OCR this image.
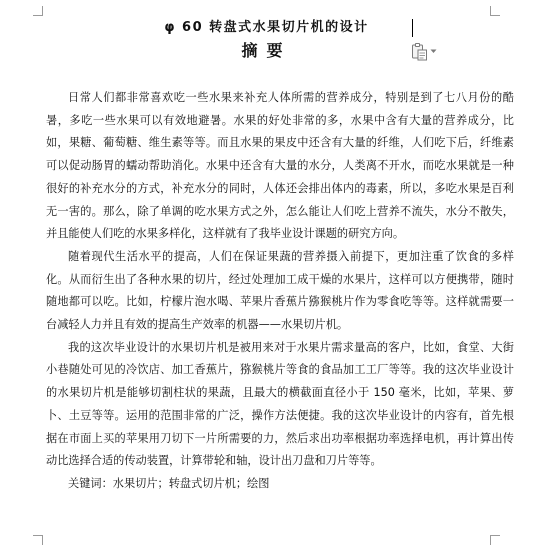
φ 60 转盘式水果切片机的设计
摘要

日常人们都非常喜欢吃一些水果来补充人体所需的营养成分，特别是到了七八月份的酷暑，多吃一些水果可以有效地避暑。水果的好处非常的多，水果中含有大量的营养成分，比如，果糖、葡萄糖、维生素等等。而且水果的果皮中还含有大量的纤维，人们吃下后，纤维素可以促动肠胃的蠕动帮助消化。水果中还含有大量的水分，人类离不开水，而吃水果就是一种很好的补充水分的方式，补充水分的同时，人体还会排出体内的毒素，所以，多吃水果是百利无一害的。那么，除了单调的吃水果方式之外，怎么能让人们吃上营养不流失，水分不散失，并且能使人们吃的水果多样化，这样就有了我毕业设计课题的研究方向。

随着现代生活水平的提高，人们在保证果蔬的营养摄入前提下，更加注重了饮食的多样化。从而衍生出了各种水果的切片，经过处理加工成干燥的水果片，这样可以方便携带，随时随地都可以吃。比如，柠檬片泡水喝、苹果片香蕉片猕猴桃片作为零食吃等等。这样就需要一台减轻人力并且有效的提高生产效率的机器——水果切片机。

我的这次毕业设计的水果切片机是被用来对于水果片需求量高的客户，比如，食堂、大街小巷随处可见的冷饮店、加工香蕉片，猕猴桃片等食的食品加工工厂等等。我的这次毕业设计的水果切片机是能够切割柱状的果蔬，且最大的横截面直径小于 150 毫米，比如，苹果、萝卜、土豆等等。运用的范围非常的广泛，操作方法便捷。我的这次毕业设计的内容有，首先根据在市面上买的苹果用刀切下一片所需要的力，然后求出功率根据功率选择电机，再计算出传动比选择合适的传动装置，计算带轮和轴，设计出刀盘和刀片等等。

关键词：水果切片；转盘式切片机；绘图
